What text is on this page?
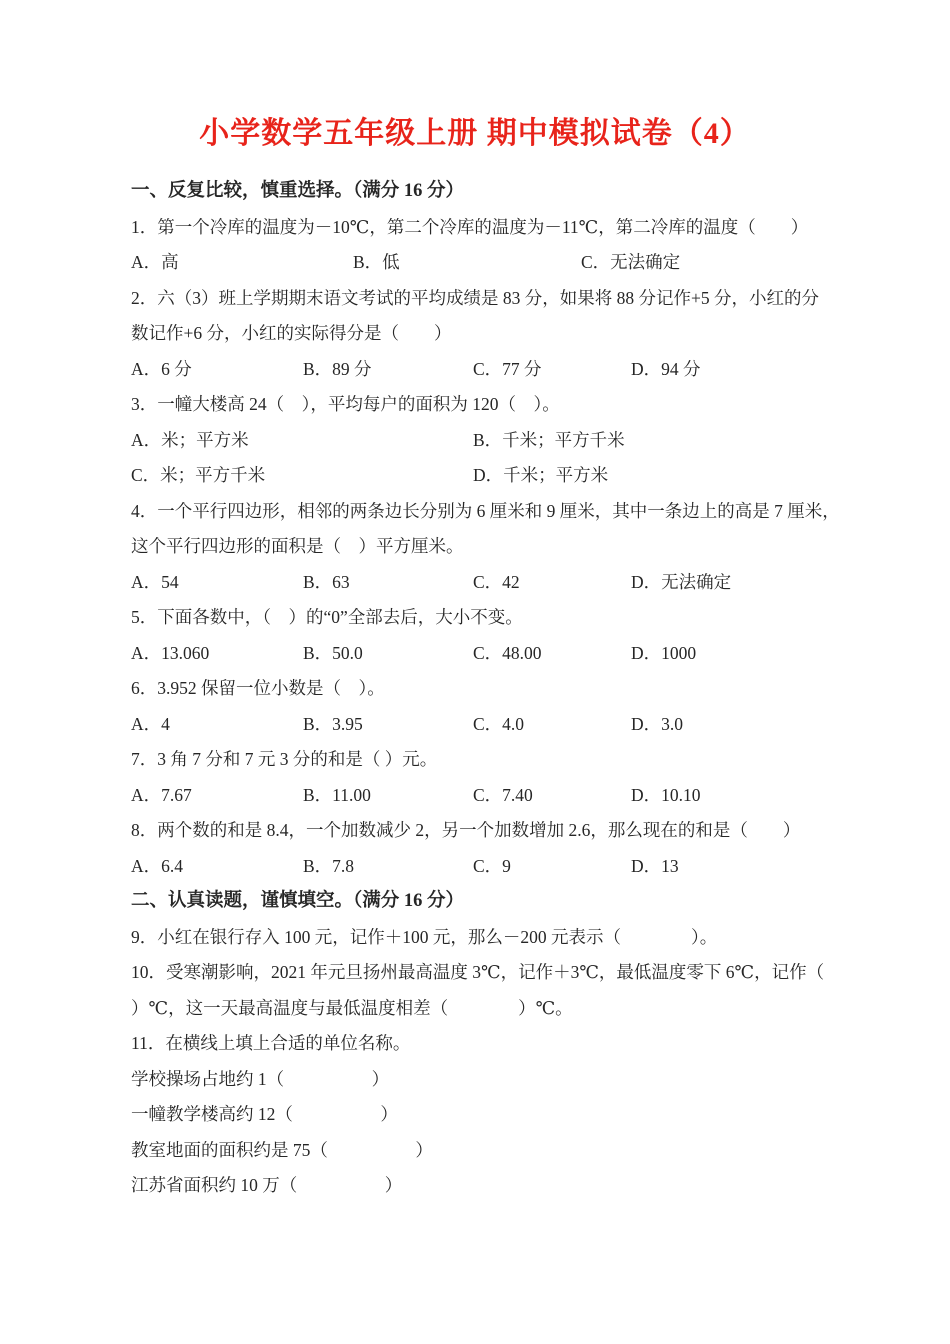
小学数学五年级上册 期中模拟试卷（4）
一、反复比较，慎重选择。（满分 16 分）
1．第一个冷库的温度为－10℃，第二个冷库的温度为－11℃，第二冷库的温度（　　）
A．高	B．低	C．无法确定
2．六（3）班上学期期末语文考试的平均成绩是 83 分，如果将 88 分记作+5 分，小红的分
数记作+6 分，小红的实际得分是（　　）
A．6 分	B．89 分	C．77 分	D．94 分
3．一幢大楼高 24（　），平均每户的面积为 120（　）。
A．米；平方米	B．千米；平方千米
C．米；平方千米	D．千米；平方米
4．一个平行四边形，相邻的两条边长分别为 6 厘米和 9 厘米，其中一条边上的高是 7 厘米，
这个平行四边形的面积是（　）平方厘米。
A．54	B．63	C．42	D．无法确定
5．下面各数中，（　）的“0”全部去后，大小不变。
A．13.060	B．50.0	C．48.00	D．1000
6．3.952 保留一位小数是（　）。
A．4	B．3.95	C．4.0	D．3.0
7．3 角 7 分和 7 元 3 分的和是（ ）元。
A．7.67	B．11.00	C．7.40	D．10.10
8．两个数的和是 8.4，一个加数减少 2，另一个加数增加 2.6，那么现在的和是（　　）
A．6.4	B．7.8	C．9	D．13
二、认真读题，谨慎填空。（满分 16 分）
9．小红在银行存入 100 元，记作＋100 元，那么－200 元表示（　　　　）。
10．受寒潮影响，2021 年元旦扬州最高温度 3℃，记作＋3℃，最低温度零下 6℃，记作（
）℃，这一天最高温度与最低温度相差（　　　　）℃。
11．在横线上填上合适的单位名称。
学校操场占地约 1（　　　　　）
一幢教学楼高约 12（　　　　　）
教室地面的面积约是 75（　　　　　）
江苏省面积约 10 万（　　　　　）
